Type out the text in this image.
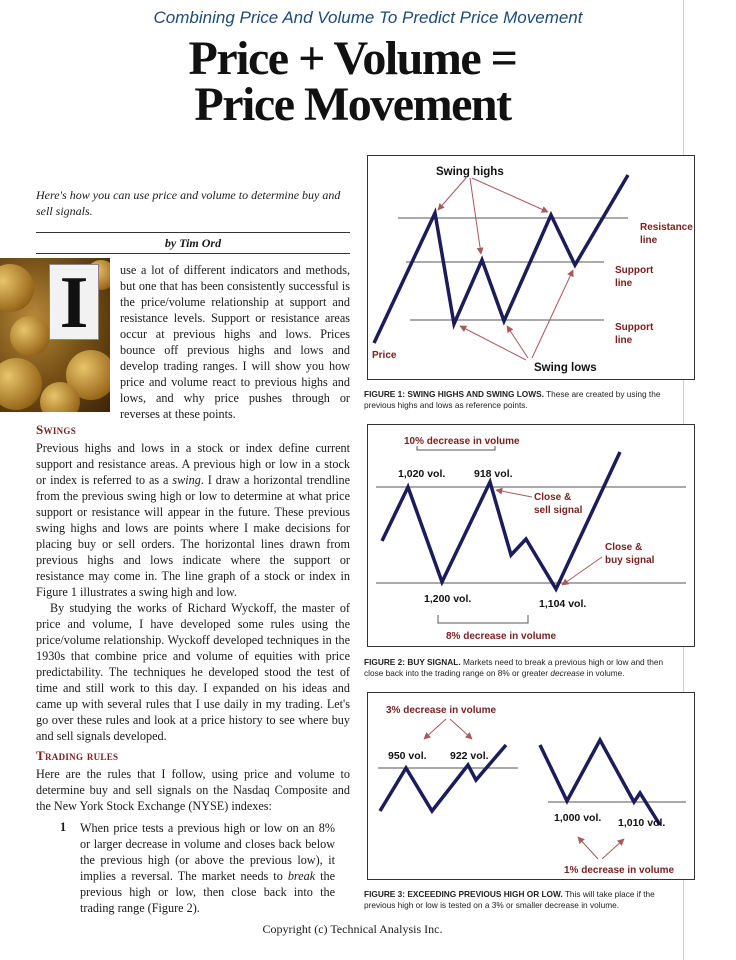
Combining Price And Volume To Predict Price Movement
Price + Volume =
Price Movement
Here's how you can use price and volume to determine buy and sell signals.
by Tim Ord
I	use a lot of different indicators and methods, but one that has been consistently successful is the price/volume relationship at support and resistance levels. Support or resistance areas occur at previous highs and lows. Prices bounce off previous highs and lows and develop trading ranges. I will show you how price and volume react to previous highs and lows, and why price pushes through or reverses at these points.

Swings

Previous highs and lows in a stock or index define current support and resistance areas. A previous high or low in a stock or index is referred to as a swing. I draw a horizontal trendline from the previous swing high or low to determine at what price support or resistance will appear in the future. These previous swing highs and lows are points where I make decisions for placing buy or sell orders. The horizontal lines drawn from previous highs and lows indicate where the support or resistance may come in. The line graph of a stock or index in Figure 1 illustrates a swing high and low.

By studying the works of Richard Wyckoff, the master of price and volume, I have developed some rules using the price/volume relationship. Wyckoff developed techniques in the 1930s that combine price and volume of equities with price predictability. The techniques he developed stood the test of time and still work to this day. I expanded on his ideas and came up with several rules that I use daily in my trading. Let's go over these rules and look at a price history to see where buy and sell signals developed.

Trading rules

Here are the rules that I follow, using price and volume to determine buy and sell signals on the Nasdaq Composite and the New York Stock Exchange (NYSE) indexes:

1 When price tests a previous high or low on an 8% or larger decrease in volume and closes back below the previous high (or above the previous low), it implies a reversal. The market needs to break the previous high or low, then close back into the trading range (Figure 2).
Swing highs
Swing lows
Price
Resistance
line
Support
line
Support
line
FIGURE 1: SWING HIGHS AND SWING LOWS. These are created by using the previous highs and lows as reference points.
10% decrease in volume
1,020 vol.	918 vol.
1,200 vol.	1,104 vol.
Close &
sell signal
Close &
buy signal
8% decrease in volume
FIGURE 2: BUY SIGNAL. Markets need to break a previous high or low and then close back into the trading range on 8% or greater decrease in volume.
3% decrease in volume
950 vol. 922 vol.
1,000 vol. 1,010 vol.
1% decrease in volume
FIGURE 3: EXCEEDING PREVIOUS HIGH OR LOW. This will take place if the previous high or low is tested on a 3% or smaller decrease in volume.
Copyright (c) Technical Analysis Inc.
